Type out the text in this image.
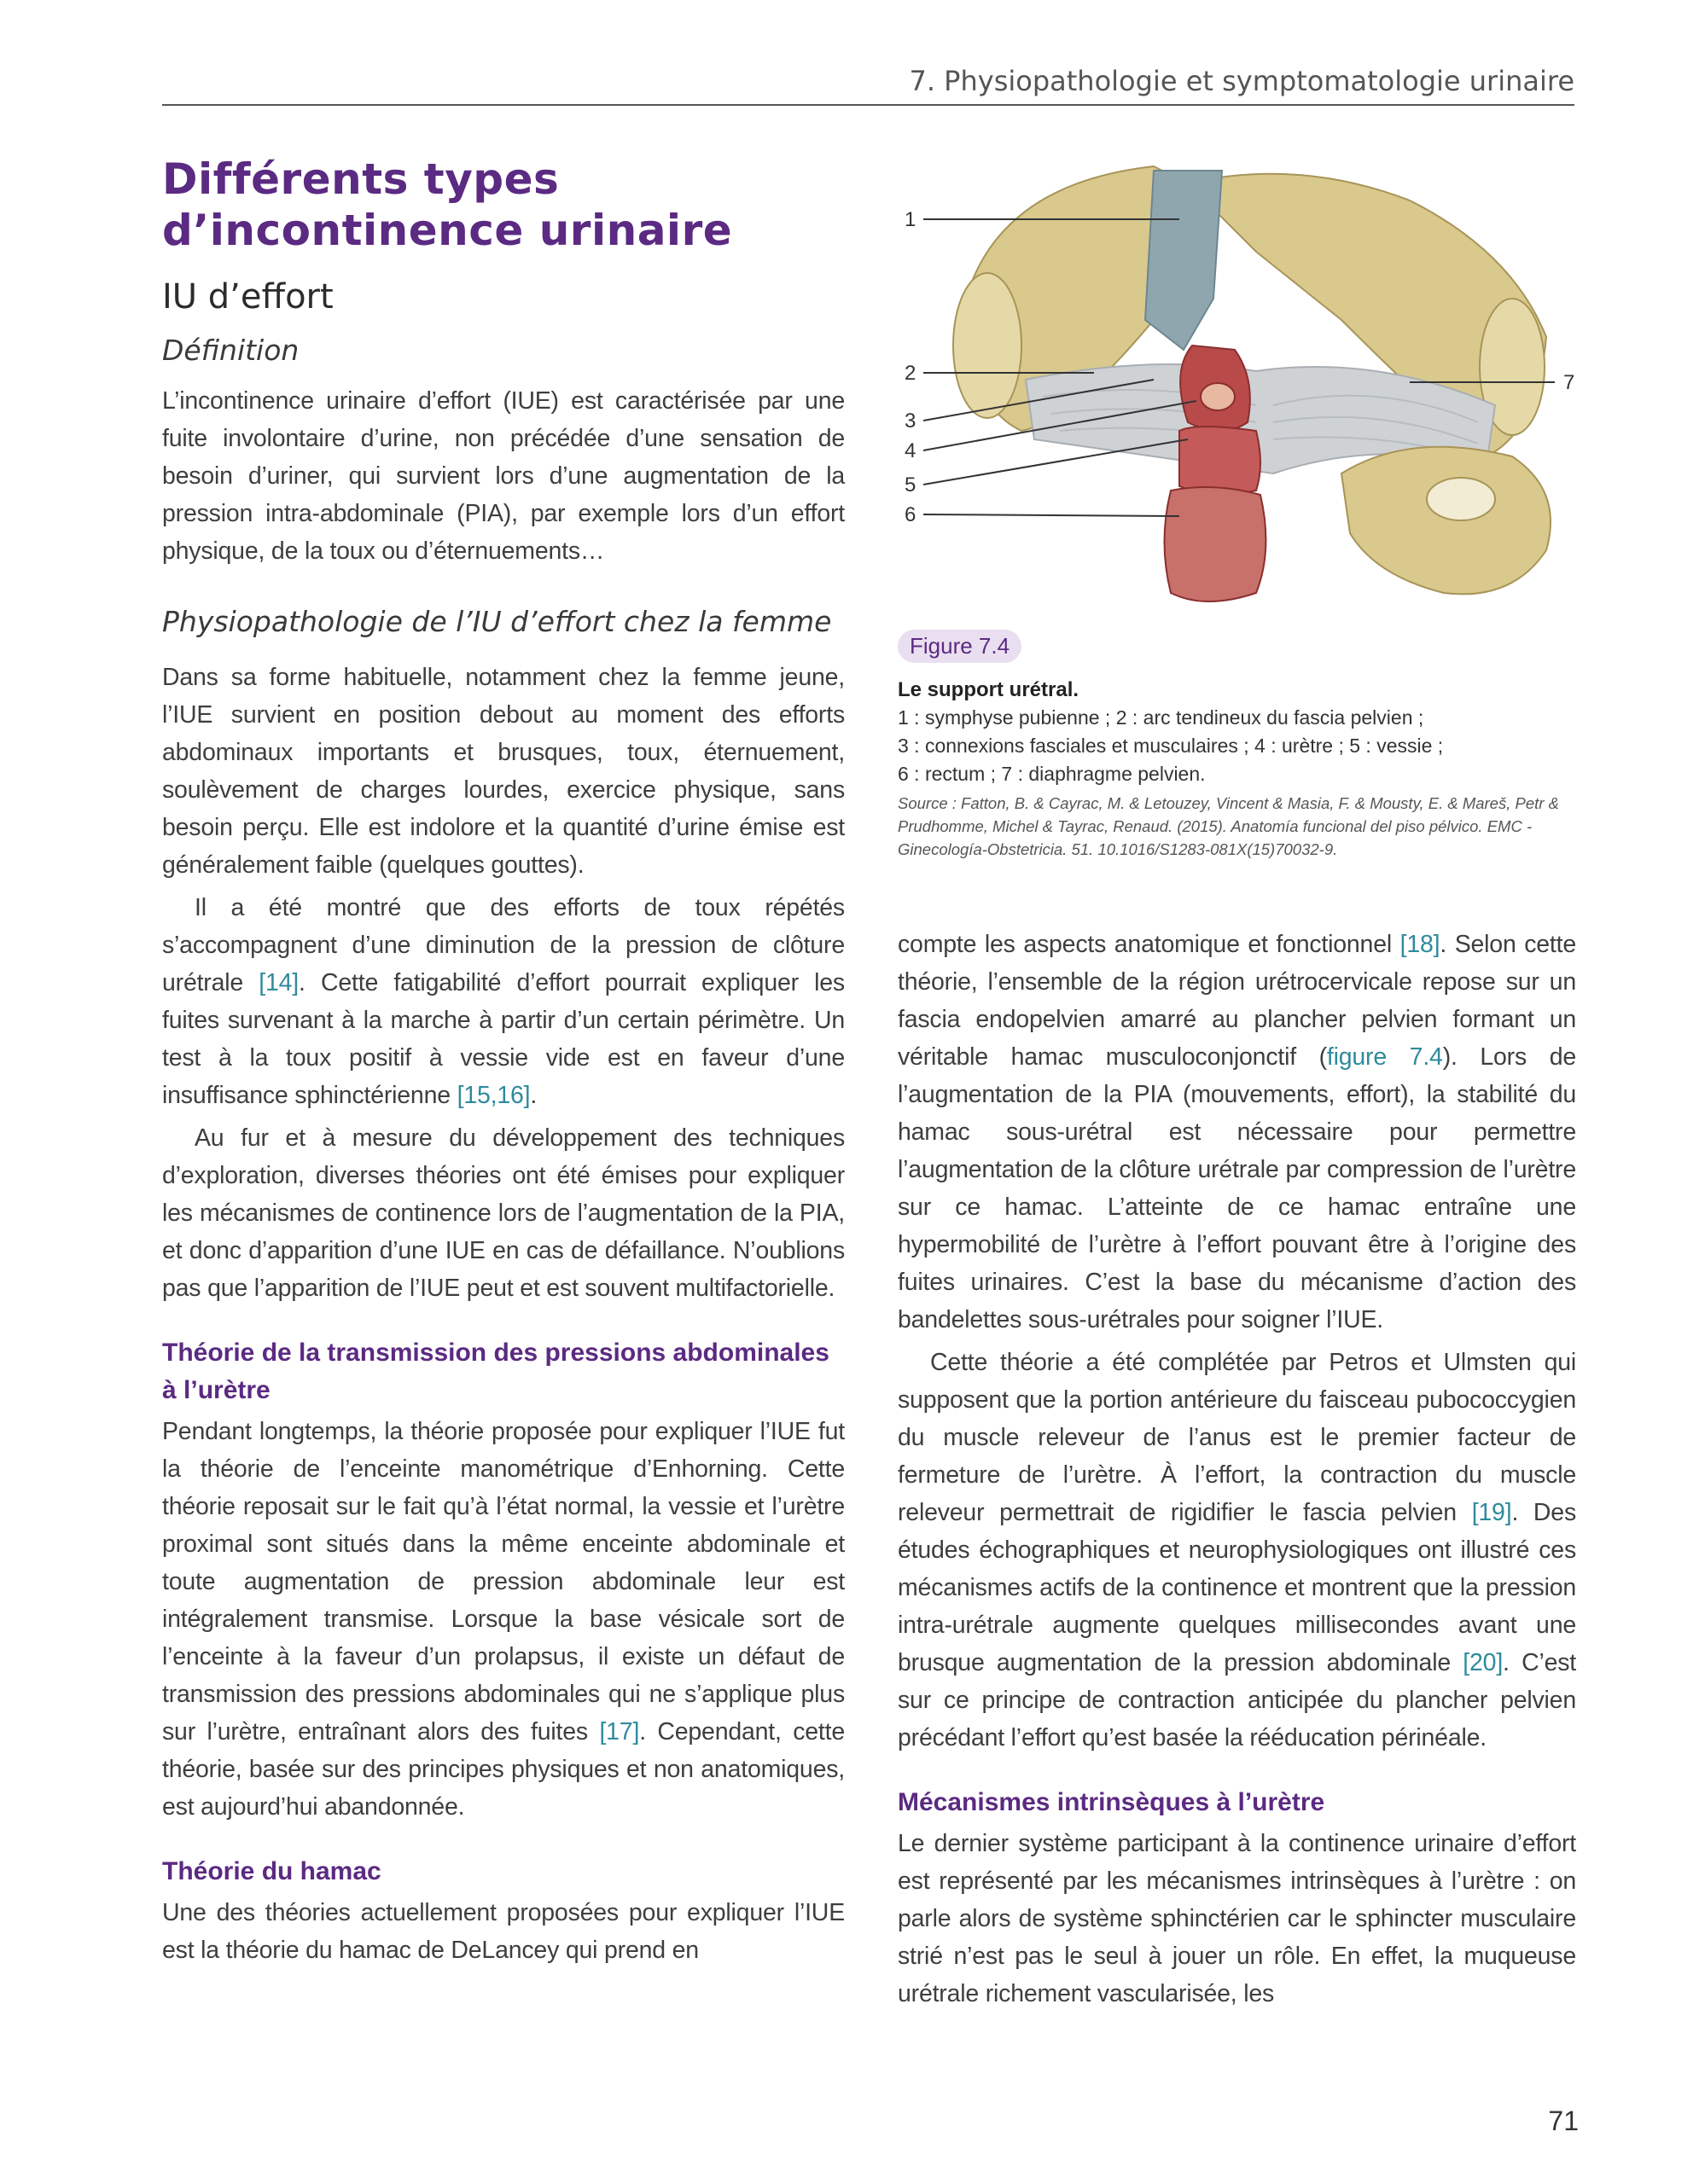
7. Physiopathologie et symptomatologie urinaire
Différents types d’incontinence urinaire
IU d’effort
Définition

L’incontinence urinaire d’effort (IUE) est caractérisée par une fuite involontaire d’urine, non précédée d’une sensation de besoin d’uriner, qui survient lors d’une augmentation de la pression intra-abdominale (PIA), par exemple lors d’un effort physique, de la toux ou d’éternuements…

Physiopathologie de l’IU d’effort chez la femme

Dans sa forme habituelle, notamment chez la femme jeune, l’IUE survient en position debout au moment des efforts abdominaux importants et brusques, toux, éternuement, soulèvement de charges lourdes, exercice physique, sans besoin perçu. Elle est indolore et la quantité d’urine émise est généralement faible (quelques gouttes).

Il a été montré que des efforts de toux répétés s’accompagnent d’une diminution de la pression de clôture urétrale [14]. Cette fatigabilité d’effort pourrait expliquer les fuites survenant à la marche à partir d’un certain périmètre. Un test à la toux positif à vessie vide est en faveur d’une insuffisance sphinctérienne [15,16].

Au fur et à mesure du développement des techniques d’exploration, diverses théories ont été émises pour expliquer les mécanismes de continence lors de l’augmentation de la PIA, et donc d’apparition d’une IUE en cas de défaillance. N’oublions pas que l’apparition de l’IUE peut et est souvent multifactorielle.

Théorie de la transmission des pressions abdominales à l’urètre

Pendant longtemps, la théorie proposée pour expliquer l’IUE fut la théorie de l’enceinte manométrique d’Enhorning. Cette théorie reposait sur le fait qu’à l’état normal, la vessie et l’urètre proximal sont situés dans la même enceinte abdominale et toute augmentation de pression abdominale leur est intégralement transmise. Lorsque la base vésicale sort de l’enceinte à la faveur d’un prolapsus, il existe un défaut de transmission des pressions abdominales qui ne s’applique plus sur l’urètre, entraînant alors des fuites [17]. Cependant, cette théorie, basée sur des principes physiques et non anatomiques, est aujourd’hui abandonnée.

Théorie du hamac

Une des théories actuellement proposées pour expliquer l’IUE est la théorie du hamac de DeLancey qui prend en

1
2
3
4
5
6
7
Figure 7.4

Le support urétral.

1 : symphyse pubienne ; 2 : arc tendineux du fascia pelvien ;

3 : connexions fasciales et musculaires ; 4 : urètre ; 5 : vessie ;

6 : rectum ; 7 : diaphragme pelvien.

Source : Fatton, B. & Cayrac, M. & Letouzey, Vincent & Masia, F. & Mousty, E. & Mareš, Petr & Prudhomme, Michel & Tayrac, Renaud. (2015). Anatomía funcional del piso pélvico. EMC - Ginecología-Obstetricia. 51. 10.1016/S1283-081X(15)70032-9.

compte les aspects anatomique et fonctionnel [18]. Selon cette théorie, l’ensemble de la région urétrocervicale repose sur un fascia endopelvien amarré au plancher pelvien formant un véritable hamac musculoconjonctif (figure 7.4). Lors de l’augmentation de la PIA (mouvements, effort), la stabilité du hamac sous-urétral est nécessaire pour permettre l’augmentation de la clôture urétrale par compression de l’urètre sur ce hamac. L’atteinte de ce hamac entraîne une hypermobilité de l’urètre à l’effort pouvant être à l’origine des fuites urinaires. C’est la base du mécanisme d’action des bandelettes sous-urétrales pour soigner l’IUE.

Cette théorie a été complétée par Petros et Ulmsten qui supposent que la portion antérieure du faisceau pubococcygien du muscle releveur de l’anus est le premier facteur de fermeture de l’urètre. À l’effort, la contraction du muscle releveur permettrait de rigidifier le fascia pelvien [19]. Des études échographiques et neurophysiologiques ont illustré ces mécanismes actifs de la continence et montrent que la pression intra-urétrale augmente quelques millisecondes avant une brusque augmentation de la pression abdominale [20]. C’est sur ce principe de contraction anticipée du plancher pelvien précédant l’effort qu’est basée la rééducation périnéale.

Mécanismes intrinsèques à l’urètre

Le dernier système participant à la continence urinaire d’effort est représenté par les mécanismes intrinsèques à l’urètre : on parle alors de système sphinctérien car le sphincter musculaire strié n’est pas le seul à jouer un rôle. En effet, la muqueuse urétrale richement vascularisée, les

71
